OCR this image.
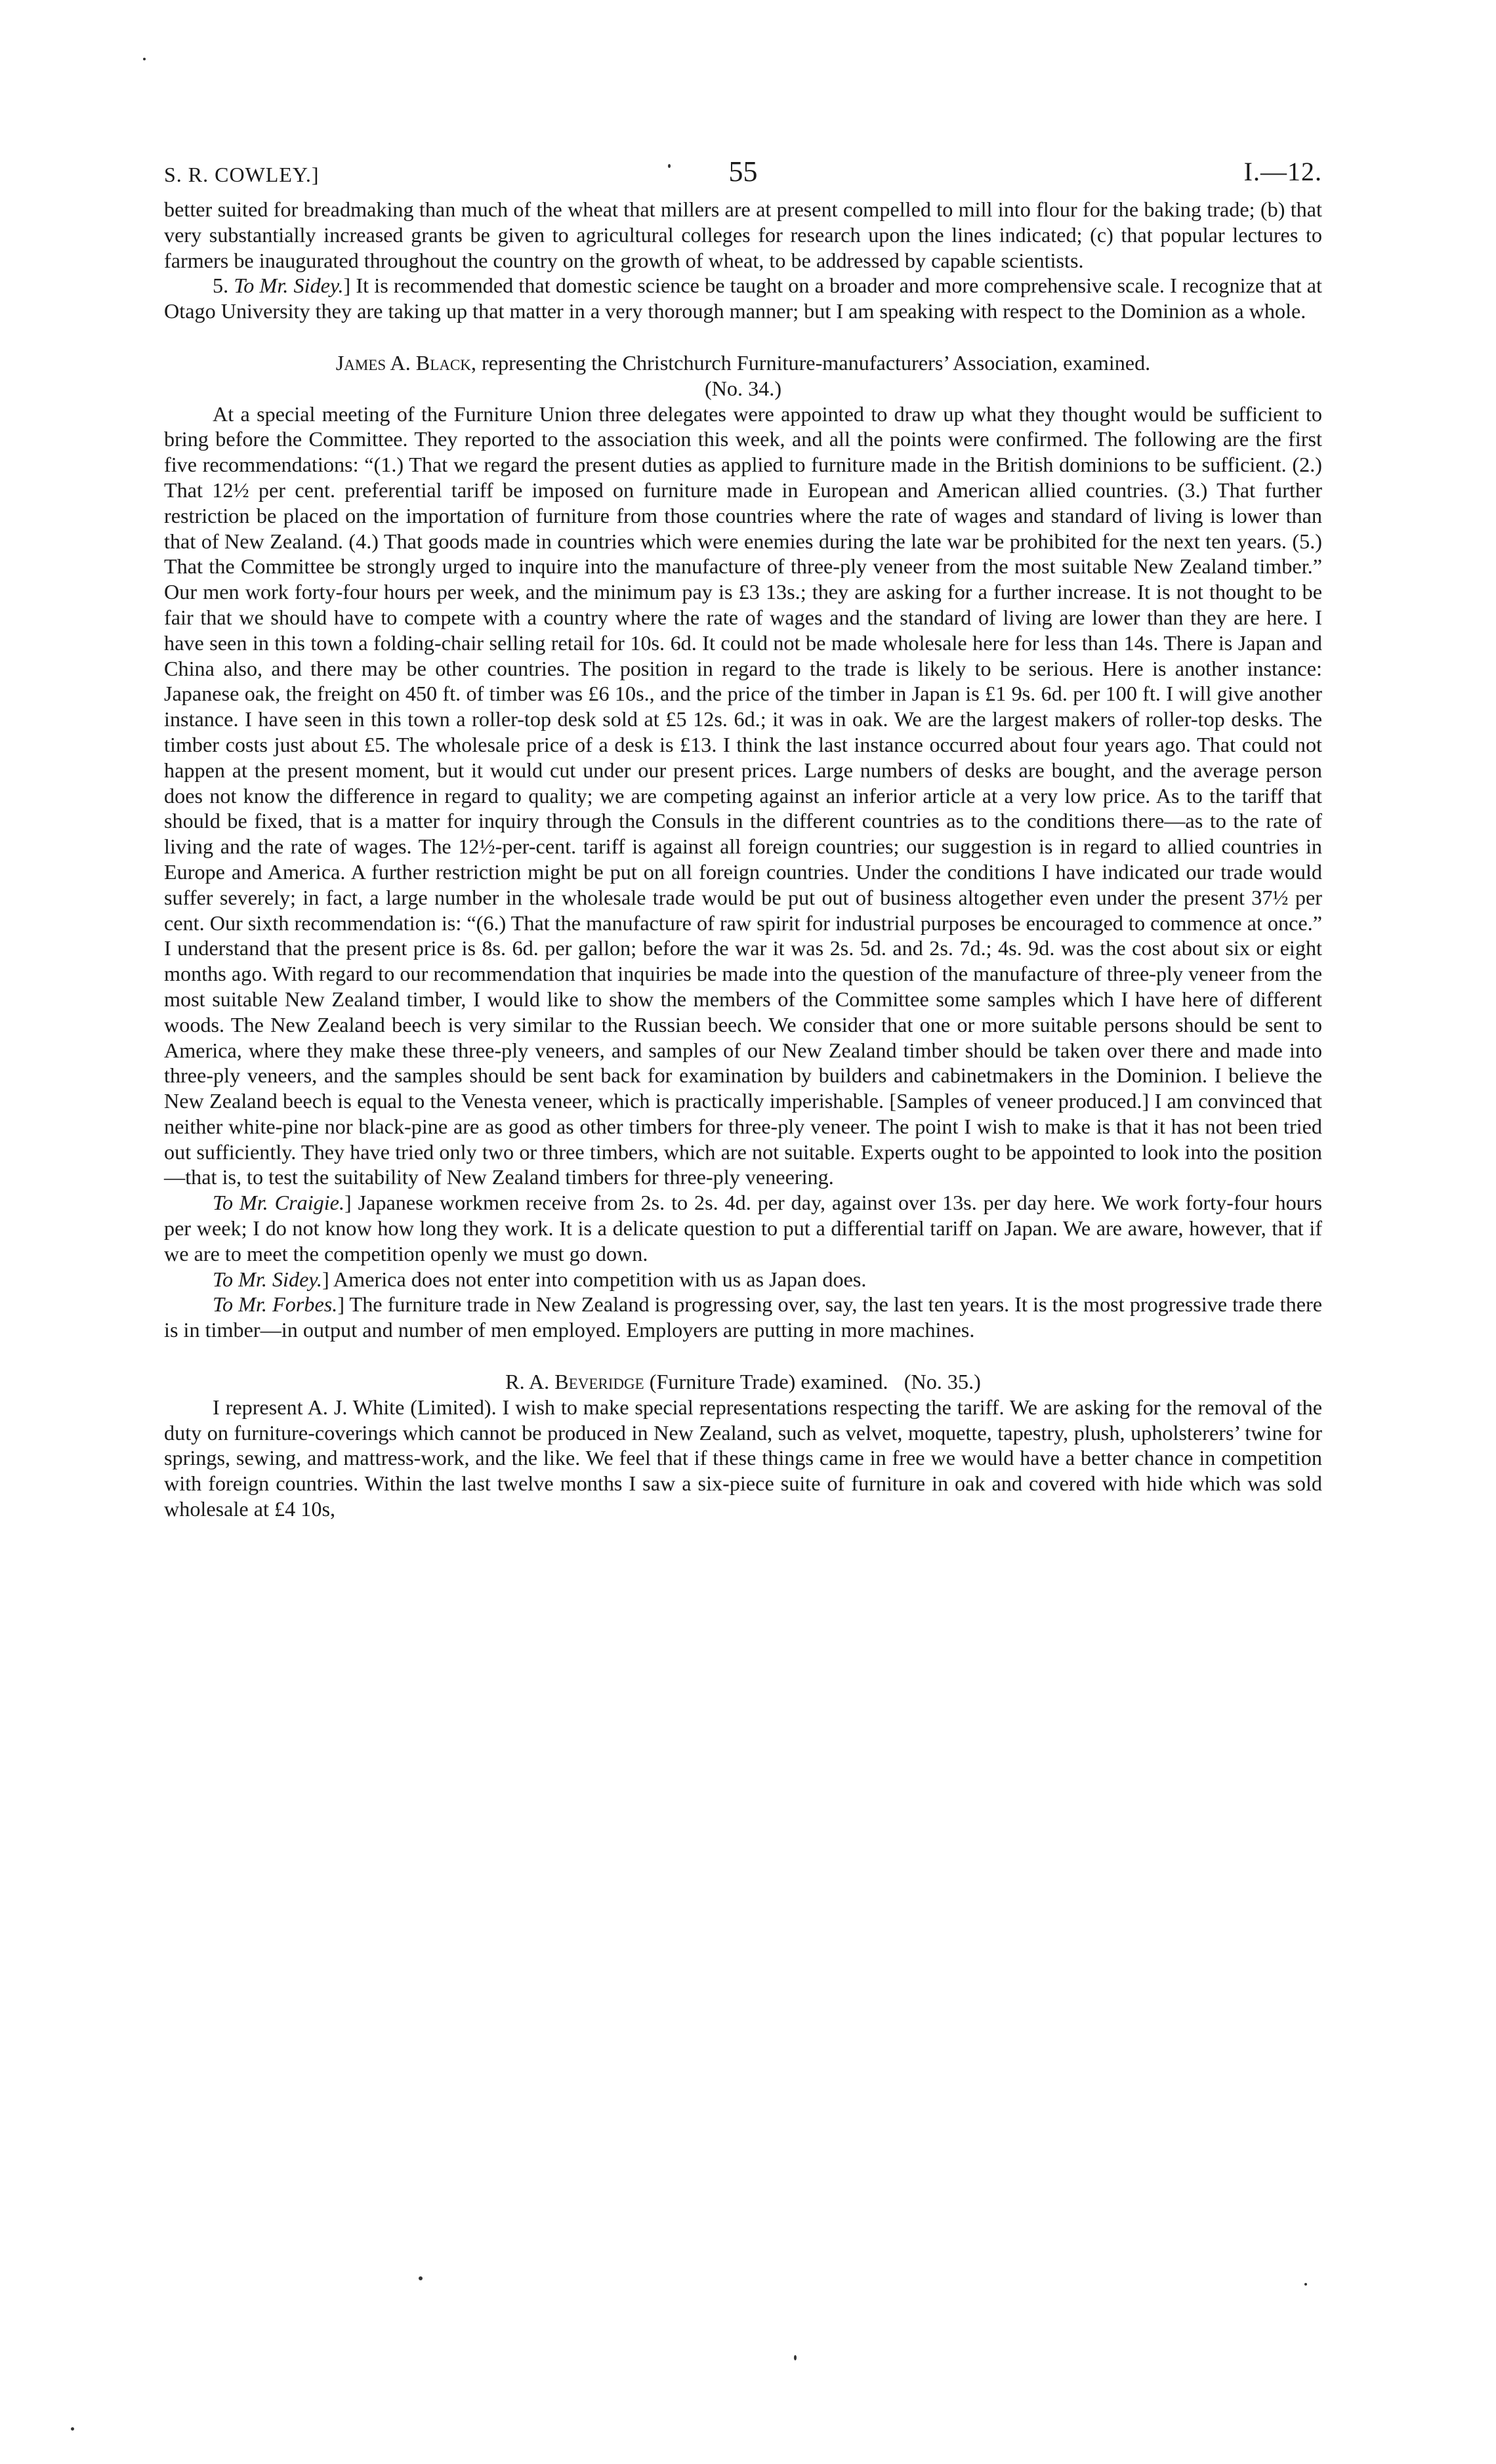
S. R. COWLEY.]	55	I.—12.

better suited for breadmaking than much of the wheat that millers are at present compelled to mill into flour for the baking trade; (b) that very substantially increased grants be given to agricultural colleges for research upon the lines indicated; (c) that popular lectures to farmers be inaugurated throughout the country on the growth of wheat, to be addressed by capable scientists.

5. To Mr. Sidey.] It is recommended that domestic science be taught on a broader and more comprehensive scale. I recognize that at Otago University they are taking up that matter in a very thorough manner; but I am speaking with respect to the Dominion as a whole.

James A. Black, representing the Christchurch Furniture-manufacturers’ Association, examined.
(No. 34.)

At a special meeting of the Furniture Union three delegates were appointed to draw up what they thought would be sufficient to bring before the Committee. They reported to the association this week, and all the points were confirmed. The following are the first five recommendations: “(1.) That we regard the present duties as applied to furniture made in the British dominions to be sufficient. (2.) That 12½ per cent. preferential tariff be imposed on furniture made in European and American allied countries. (3.) That further restriction be placed on the importation of furniture from those countries where the rate of wages and standard of living is lower than that of New Zealand. (4.) That goods made in countries which were enemies during the late war be prohibited for the next ten years. (5.) That the Committee be strongly urged to inquire into the manufacture of three-ply veneer from the most suitable New Zealand timber.” Our men work forty-four hours per week, and the minimum pay is £3 13s.; they are asking for a further increase. It is not thought to be fair that we should have to compete with a country where the rate of wages and the standard of living are lower than they are here. I have seen in this town a folding-chair selling retail for 10s. 6d. It could not be made wholesale here for less than 14s. There is Japan and China also, and there may be other countries. The position in regard to the trade is likely to be serious. Here is another instance: Japanese oak, the freight on 450 ft. of timber was £6 10s., and the price of the timber in Japan is £1 9s. 6d. per 100 ft. I will give another instance. I have seen in this town a roller-top desk sold at £5 12s. 6d.; it was in oak. We are the largest makers of roller-top desks. The timber costs just about £5. The wholesale price of a desk is £13. I think the last instance occurred about four years ago. That could not happen at the present moment, but it would cut under our present prices. Large numbers of desks are bought, and the average person does not know the difference in regard to quality; we are competing against an inferior article at a very low price. As to the tariff that should be fixed, that is a matter for inquiry through the Consuls in the different countries as to the conditions there—as to the rate of living and the rate of wages. The 12½-per-cent. tariff is against all foreign countries; our suggestion is in regard to allied countries in Europe and America. A further restriction might be put on all foreign countries. Under the conditions I have indicated our trade would suffer severely; in fact, a large number in the wholesale trade would be put out of business altogether even under the present 37½ per cent. Our sixth recommendation is: “(6.) That the manufacture of raw spirit for industrial purposes be encouraged to commence at once.” I understand that the present price is 8s. 6d. per gallon; before the war it was 2s. 5d. and 2s. 7d.; 4s. 9d. was the cost about six or eight months ago. With regard to our recommendation that inquiries be made into the question of the manufacture of three-ply veneer from the most suitable New Zealand timber, I would like to show the members of the Committee some samples which I have here of different woods. The New Zealand beech is very similar to the Russian beech. We consider that one or more suitable persons should be sent to America, where they make these three-ply veneers, and samples of our New Zealand timber should be taken over there and made into three-ply veneers, and the samples should be sent back for examination by builders and cabinetmakers in the Dominion. I believe the New Zealand beech is equal to the Venesta veneer, which is practically imperishable. [Samples of veneer produced.] I am convinced that neither white-pine nor black-pine are as good as other timbers for three-ply veneer. The point I wish to make is that it has not been tried out sufficiently. They have tried only two or three timbers, which are not suitable. Experts ought to be appointed to look into the position—that is, to test the suitability of New Zealand timbers for three-ply veneering.

To Mr. Craigie.] Japanese workmen receive from 2s. to 2s. 4d. per day, against over 13s. per day here. We work forty-four hours per week; I do not know how long they work. It is a delicate question to put a differential tariff on Japan. We are aware, however, that if we are to meet the competition openly we must go down.

To Mr. Sidey.] America does not enter into competition with us as Japan does.

To Mr. Forbes.] The furniture trade in New Zealand is progressing over, say, the last ten years. It is the most progressive trade there is in timber—in output and number of men employed. Employers are putting in more machines.

R. A. Beveridge (Furniture Trade) examined. (No. 35.)

I represent A. J. White (Limited). I wish to make special representations respecting the tariff. We are asking for the removal of the duty on furniture-coverings which cannot be produced in New Zealand, such as velvet, moquette, tapestry, plush, upholsterers’ twine for springs, sewing, and mattress-work, and the like. We feel that if these things came in free we would have a better chance in competition with foreign countries. Within the last twelve months I saw a six-piece suite of furniture in oak and covered with hide which was sold wholesale at £4 10s,
